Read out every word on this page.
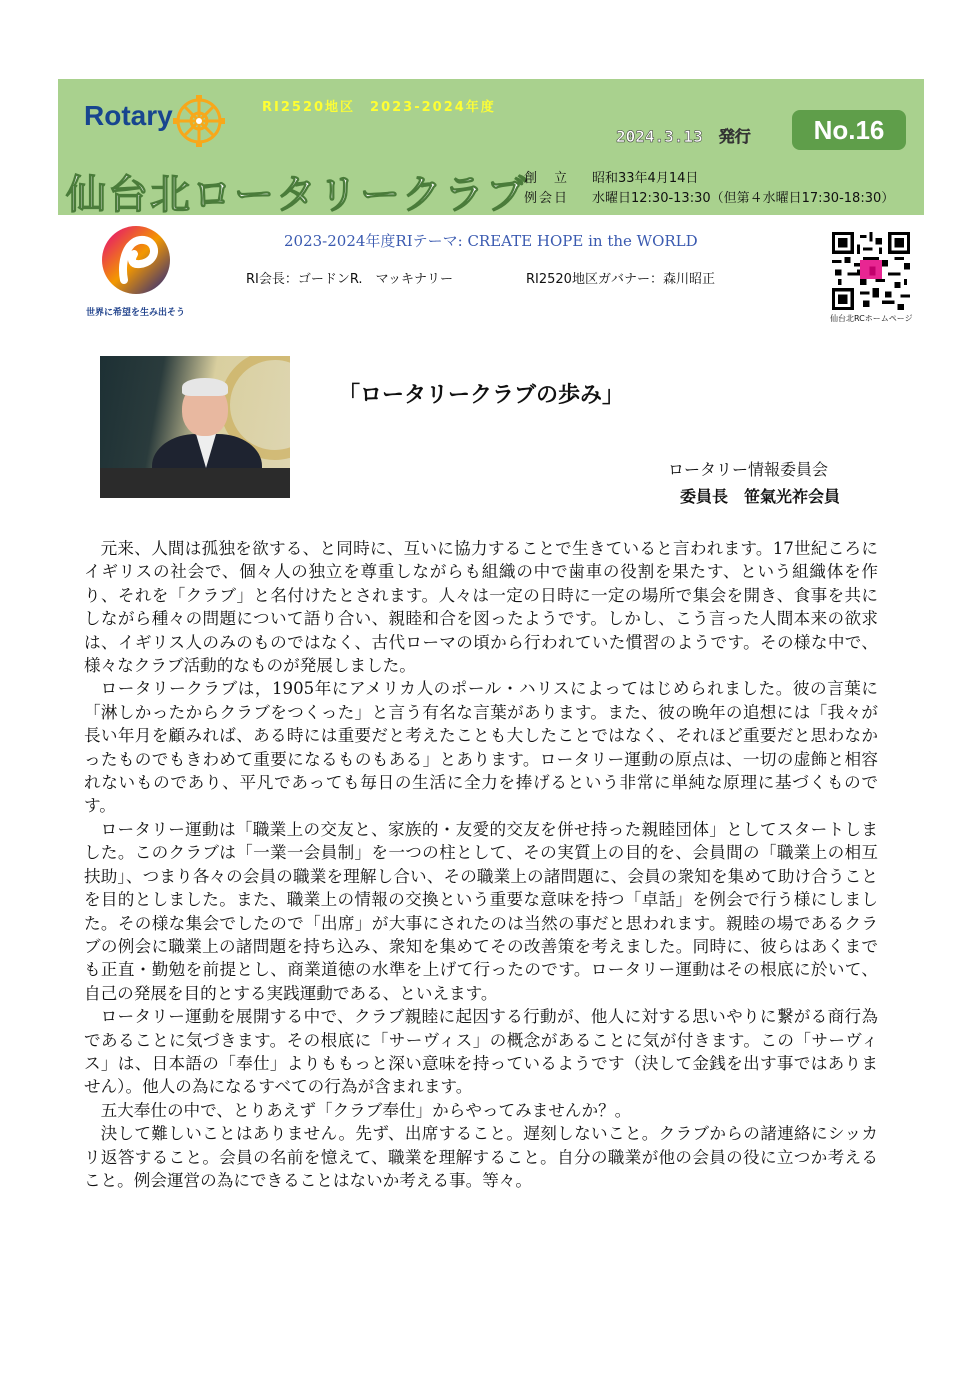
Rotary	RI2520地区　2023-2024年度
仙台北ロータリークラブ
2024.3.13　発行	No.16
創　立 昭和33年4月14日
例会日 水曜日12:30-13:30（但第４水曜日17:30-18:30）
世界に希望を生み出そう
2023-2024年度RIテーマ: CREATE HOPE in the WORLD
RI会長：ゴードンR.　マッキナリー	RI2520地区ガバナー：森川昭正
仙台北RCホームページ
「ロータリークラブの歩み」
ロータリー情報委員会
委員長　笹氣光祚会員

元来、人間は孤独を欲する、と同時に、互いに協力することで生きていると言われます。17世紀ころにイギリスの社会で、個々人の独立を尊重しながらも組織の中で歯車の役割を果たす、という組織体を作り、それを「クラブ」と名付けたとされます。人々は一定の日時に一定の場所で集会を開き、食事を共にしながら種々の問題について語り合い、親睦和合を図ったようです。しかし、こう言った人間本来の欲求は、イギリス人のみのものではなく、古代ローマの頃から行われていた慣習のようです。その様な中で、様々なクラブ活動的なものが発展しました。

ロータリークラブは，1905年にアメリカ人のポール・ハリスによってはじめられました。彼の言葉に「淋しかったからクラブをつくった」と言う有名な言葉があります。また、彼の晩年の追想には「我々が長い年月を顧みれば、ある時には重要だと考えたことも大したことではなく、それほど重要だと思わなかったものでもきわめて重要になるものもある」とあります。ロータリー運動の原点は、一切の虚飾と相容れないものであり、平凡であっても毎日の生活に全力を捧げるという非常に単純な原理に基づくものです。

ロータリー運動は「職業上の交友と、家族的・友愛的交友を併せ持った親睦団体」としてスタートしました。このクラブは「一業一会員制」を一つの柱として、その実質上の目的を、会員間の「職業上の相互扶助」、つまり各々の会員の職業を理解し合い、その職業上の諸問題に、会員の衆知を集めて助け合うことを目的としました。また、職業上の情報の交換という重要な意味を持つ「卓話」を例会で行う様にしました。その様な集会でしたので「出席」が大事にされたのは当然の事だと思われます。親睦の場であるクラブの例会に職業上の諸問題を持ち込み、衆知を集めてその改善策を考えました。同時に、彼らはあくまでも正直・勤勉を前提とし、商業道徳の水準を上げて行ったのです。ロータリー運動はその根底に於いて、自己の発展を目的とする実践運動である、といえます。

ロータリー運動を展開する中で、クラブ親睦に起因する行動が、他人に対する思いやりに繋がる商行為であることに気づきます。その根底に「サーヴィス」の概念があることに気が付きます。この「サーヴィス」は、日本語の「奉仕」よりももっと深い意味を持っているようです（決して金銭を出す事ではありません）。他人の為になるすべての行為が含まれます。

五大奉仕の中で、とりあえず「クラブ奉仕」からやってみませんか？。

決して難しいことはありません。先ず、出席すること。遅刻しないこと。クラブからの諸連絡にシッカリ返答すること。会員の名前を憶えて、職業を理解すること。自分の職業が他の会員の役に立つか考えること。例会運営の為にできることはないか考える事。等々。
